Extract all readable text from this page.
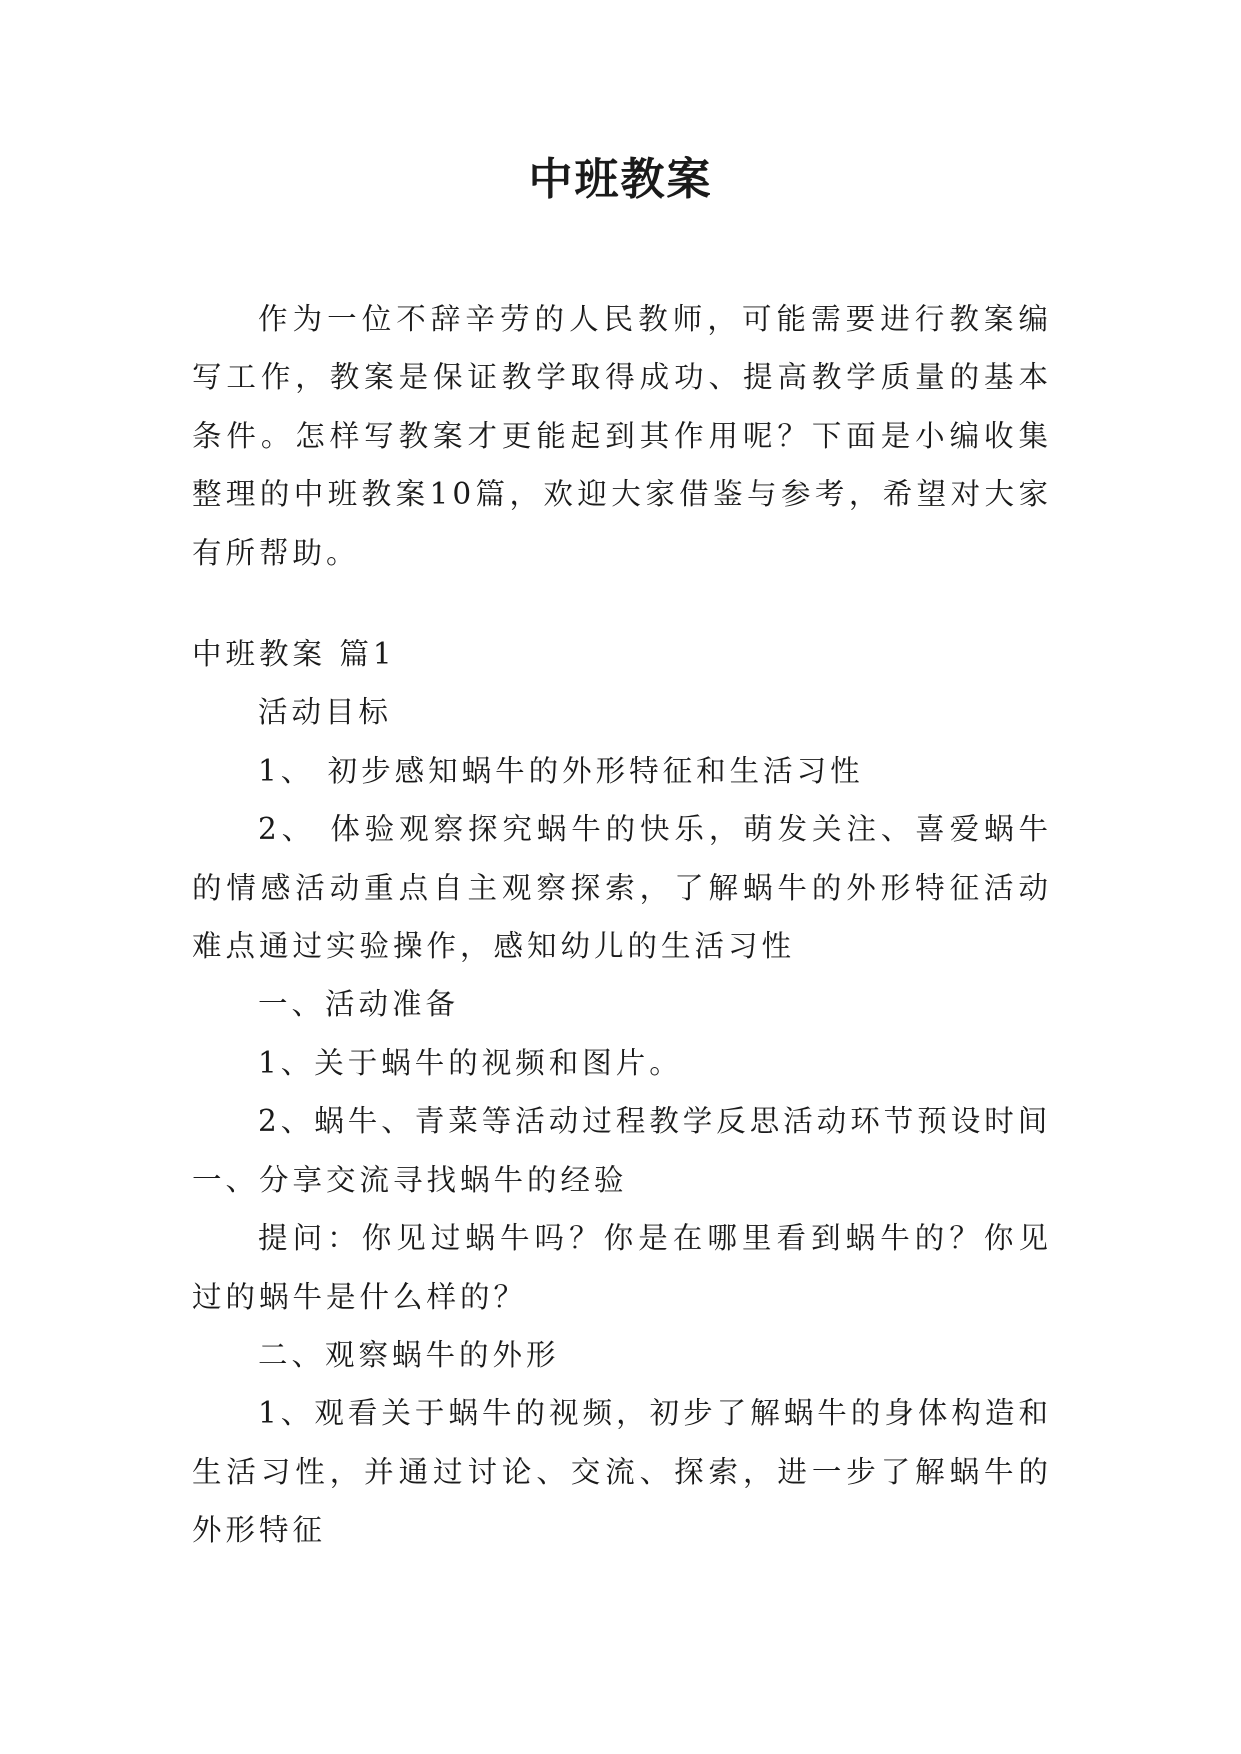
中班教案

作为一位不辞辛劳的人民教师，可能需要进行教案编写工作，教案是保证教学取得成功、提高教学质量的基本条件。怎样写教案才更能起到其作用呢？下面是小编收集整理的中班教案10篇，欢迎大家借鉴与参考，希望对大家有所帮助。

中班教案 篇1

活动目标

1、 初步感知蜗牛的外形特征和生活习性

2、 体验观察探究蜗牛的快乐，萌发关注、喜爱蜗牛的情感活动重点自主观察探索，了解蜗牛的外形特征活动难点通过实验操作，感知幼儿的生活习性

一、活动准备

1、关于蜗牛的视频和图片。

2、蜗牛、青菜等活动过程教学反思活动环节预设时间

一、分享交流寻找蜗牛的经验

提问：你见过蜗牛吗？你是在哪里看到蜗牛的？你见过的蜗牛是什么样的？

二、观察蜗牛的外形

1、观看关于蜗牛的视频，初步了解蜗牛的身体构造和生活习性，并通过讨论、交流、探索，进一步了解蜗牛的外形特征
